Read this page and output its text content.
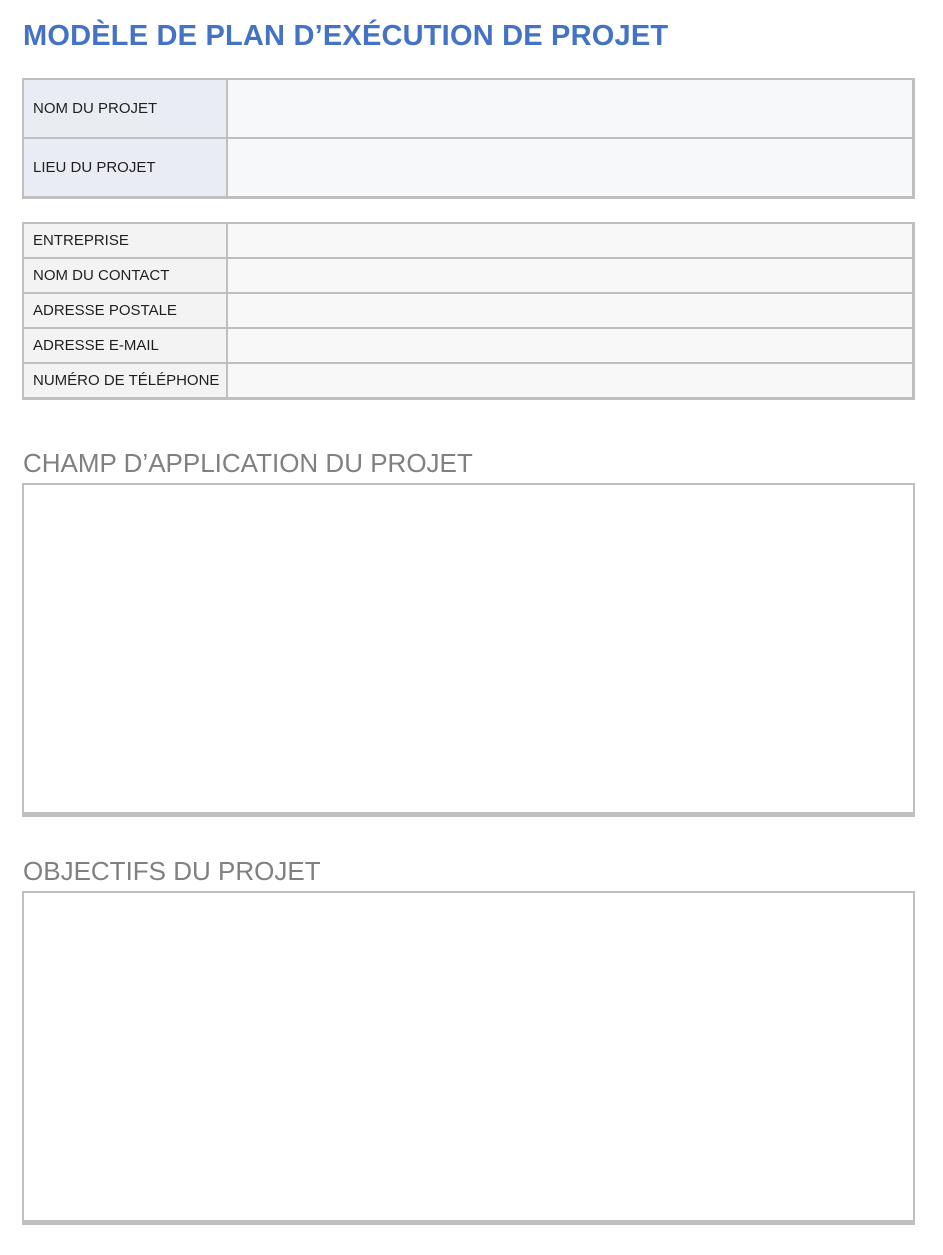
MODÈLE DE PLAN D’EXÉCUTION DE PROJET
NOM DU PROJET	
LIEU DU PROJET	
ENTREPRISE	
NOM DU CONTACT	
ADRESSE POSTALE	
ADRESSE E-MAIL	
NUMÉRO DE TÉLÉPHONE	
CHAMP D’APPLICATION DU PROJET
OBJECTIFS DU PROJET
